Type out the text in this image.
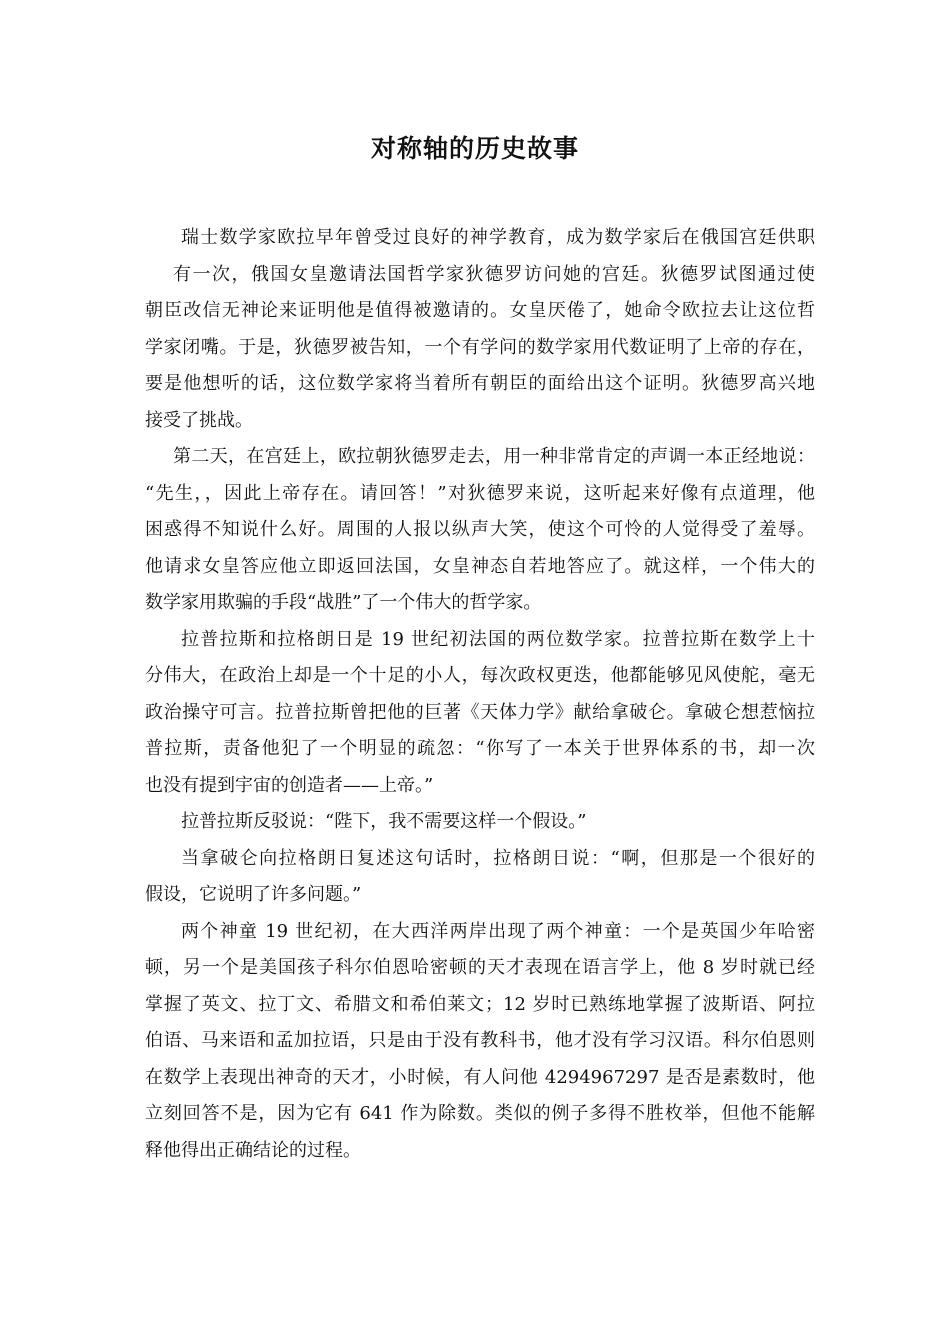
对称轴的历史故事
瑞士数学家欧拉早年曾受过良好的神学教育，成为数学家后在俄国宫廷供职
有一次，俄国女皇邀请法国哲学家狄德罗访问她的宫廷。狄德罗试图通过使
朝臣改信无神论来证明他是值得被邀请的。女皇厌倦了，她命令欧拉去让这位哲
学家闭嘴。于是，狄德罗被告知，一个有学问的数学家用代数证明了上帝的存在，
要是他想听的话，这位数学家将当着所有朝臣的面给出这个证明。狄德罗高兴地
接受了挑战。
第二天，在宫廷上，欧拉朝狄德罗走去，用一种非常肯定的声调一本正经地说：
“先生，，因此上帝存在。请回答！”对狄德罗来说，这听起来好像有点道理，他
困惑得不知说什么好。周围的人报以纵声大笑，使这个可怜的人觉得受了羞辱。
他请求女皇答应他立即返回法国，女皇神态自若地答应了。就这样，一个伟大的
数学家用欺骗的手段“战胜”了一个伟大的哲学家。
拉普拉斯和拉格朗日是 19 世纪初法国的两位数学家。拉普拉斯在数学上十
分伟大，在政治上却是一个十足的小人，每次政权更迭，他都能够见风使舵，毫无
政治操守可言。拉普拉斯曾把他的巨著《天体力学》献给拿破仑。拿破仑想惹恼拉
普拉斯，责备他犯了一个明显的疏忽：“你写了一本关于世界体系的书，却一次
也没有提到宇宙的创造者——上帝。”
拉普拉斯反驳说：“陛下，我不需要这样一个假设。”
当拿破仑向拉格朗日复述这句话时，拉格朗日说：“啊，但那是一个很好的
假设，它说明了许多问题。”
两个神童 19 世纪初，在大西洋两岸出现了两个神童：一个是英国少年哈密
顿，另一个是美国孩子科尔伯恩哈密顿的天才表现在语言学上，他 8 岁时就已经
掌握了英文、拉丁文、希腊文和希伯莱文；12 岁时已熟练地掌握了波斯语、阿拉
伯语、马来语和孟加拉语，只是由于没有教科书，他才没有学习汉语。科尔伯恩则
在数学上表现出神奇的天才，小时候，有人问他 4294967297 是否是素数时，他
立刻回答不是，因为它有 641 作为除数。类似的例子多得不胜枚举，但他不能解
释他得出正确结论的过程。
